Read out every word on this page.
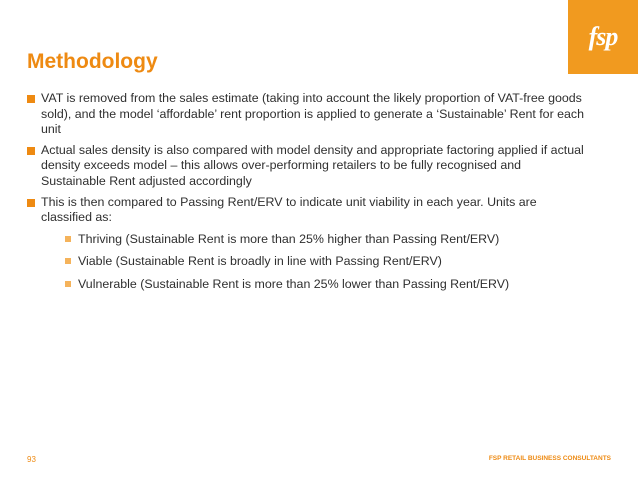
fsp
Methodology
VAT is removed from the sales estimate (taking into account the likely proportion of VAT-free goods sold), and the model ‘affordable’ rent proportion is applied to generate a ‘Sustainable’ Rent for each unit
Actual sales density is also compared with model density and appropriate factoring applied if actual density exceeds model – this allows over-performing retailers to be fully recognised and Sustainable Rent adjusted accordingly
This is then compared to Passing Rent/ERV to indicate unit viability in each year. Units are classified as:
Thriving (Sustainable Rent is more than 25% higher than Passing Rent/ERV)
Viable (Sustainable Rent is broadly in line with Passing Rent/ERV)
Vulnerable (Sustainable Rent is more than 25% lower than Passing Rent/ERV)
93	FSP RETAIL BUSINESS CONSULTANTS
